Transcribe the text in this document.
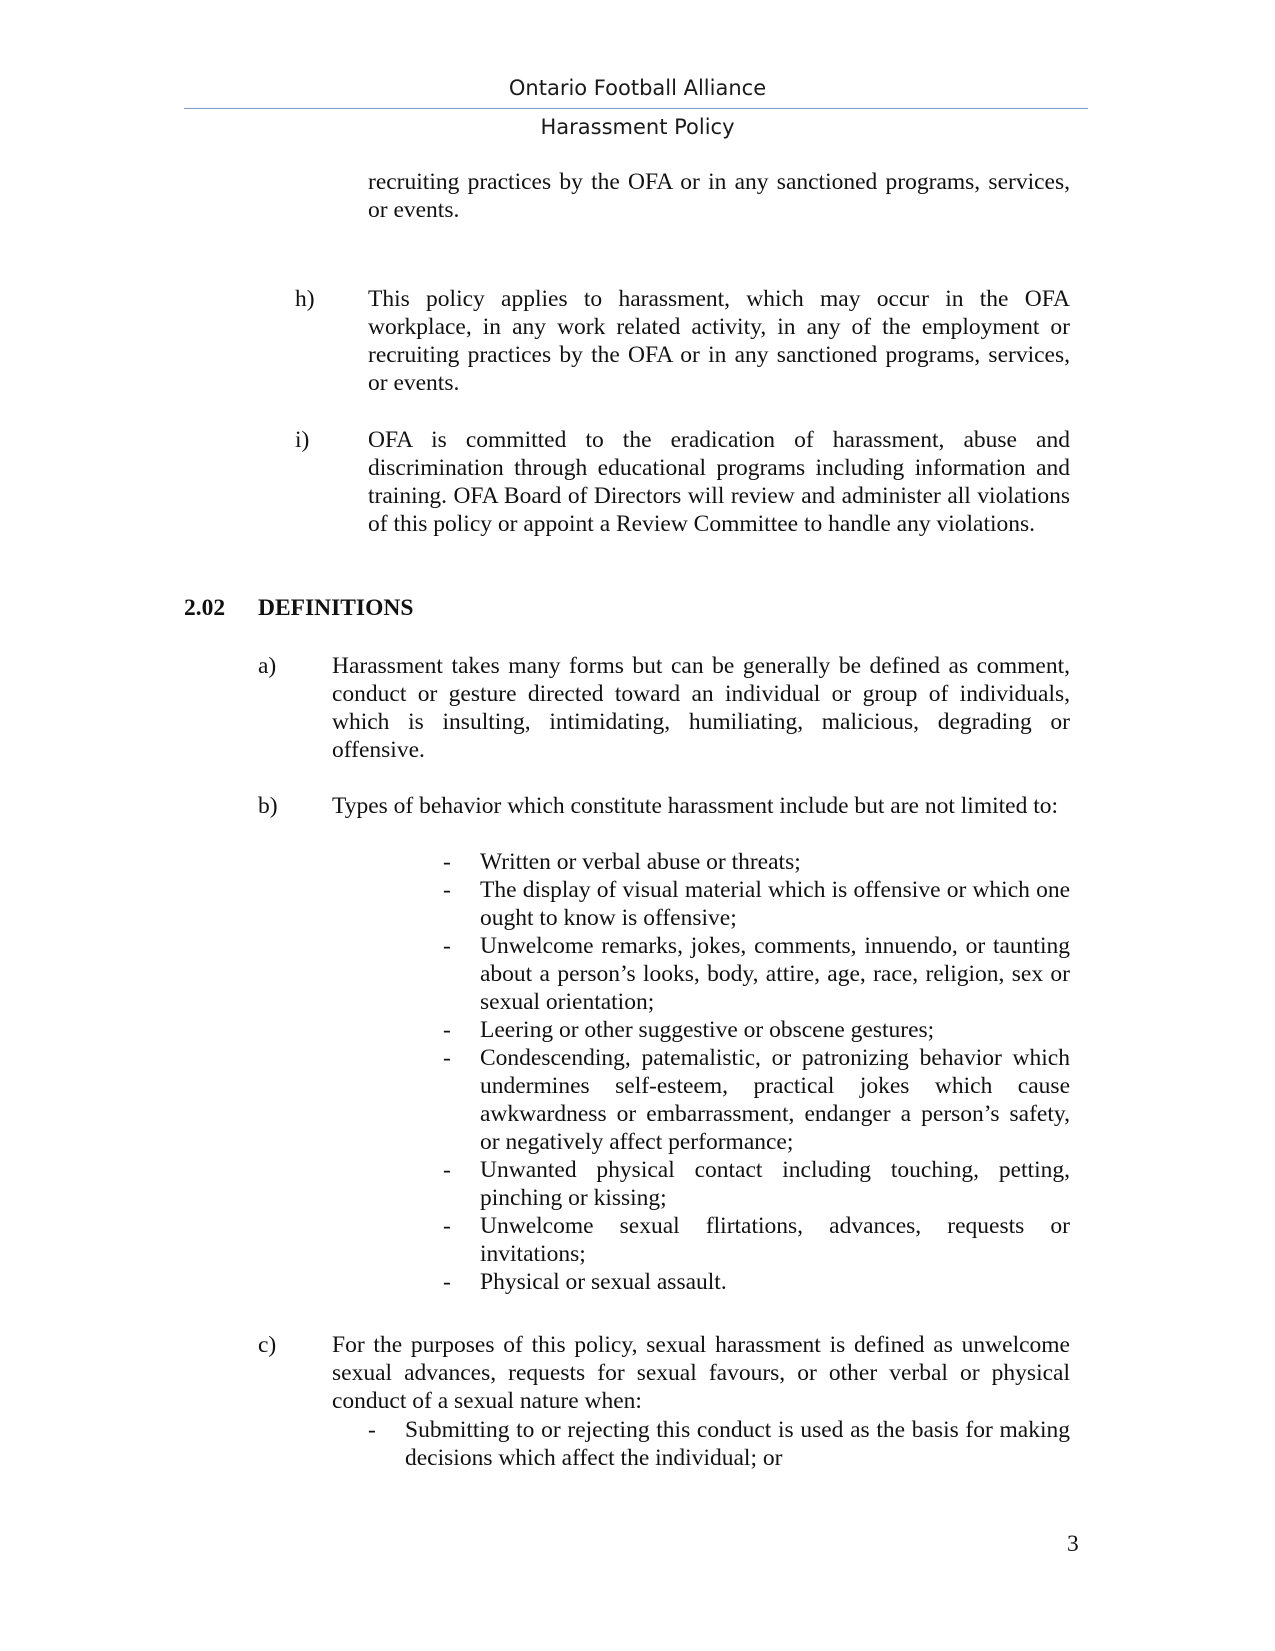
Ontario Football Alliance
Harassment Policy
recruiting practices by the OFA or in any sanctioned programs, services, or events.
h) This policy applies to harassment, which may occur in the OFA workplace, in any work related activity, in any of the employment or recruiting practices by the OFA or in any sanctioned programs, services, or events.
i) OFA is committed to the eradication of harassment, abuse and discrimination through educational programs including information and training. OFA Board of Directors will review and administer all violations of this policy or appoint a Review Committee to handle any violations.
2.02 DEFINITIONS
a) Harassment takes many forms but can be generally be defined as comment, conduct or gesture directed toward an individual or group of individuals, which is insulting, intimidating, humiliating, malicious, degrading or offensive.
b) Types of behavior which constitute harassment include but are not limited to:
- Written or verbal abuse or threats;
- The display of visual material which is offensive or which one ought to know is offensive;
- Unwelcome remarks, jokes, comments, innuendo, or taunting about a person’s looks, body, attire, age, race, religion, sex or sexual orientation;
- Leering or other suggestive or obscene gestures;
- Condescending, patemalistic, or patronizing behavior which undermines self-esteem, practical jokes which cause awkwardness or embarrassment, endanger a person’s safety, or negatively affect performance;
- Unwanted physical contact including touching, petting, pinching or kissing;
- Unwelcome sexual flirtations, advances, requests or invitations;
- Physical or sexual assault.
c) For the purposes of this policy, sexual harassment is defined as unwelcome sexual advances, requests for sexual favours, or other verbal or physical conduct of a sexual nature when:
- Submitting to or rejecting this conduct is used as the basis for making decisions which affect the individual; or
3
